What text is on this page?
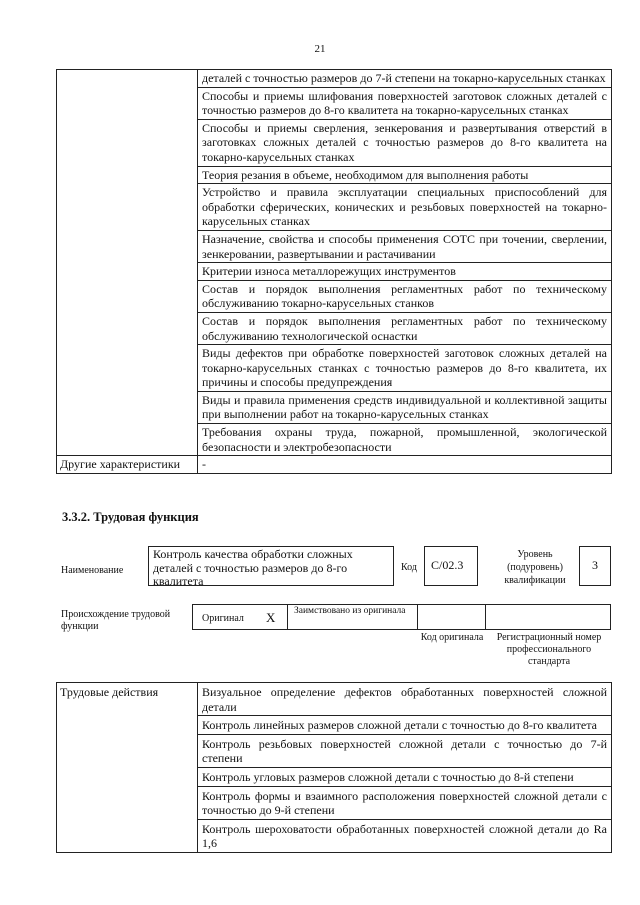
21
	деталей с точностью размеров до 7-й степени на токарно-карусельных станках
	Способы и приемы шлифования поверхностей заготовок сложных деталей с точностью размеров до 8-го квалитета на токарно-карусельных станках
	Способы и приемы сверления, зенкерования и развертывания отверстий в заготовках сложных деталей с точностью размеров до 8-го квалитета на токарно-карусельных станках
	Теория резания в объеме, необходимом для выполнения работы
	Устройство и правила эксплуатации специальных приспособлений для обработки сферических, конических и резьбовых поверхностей на токарно-карусельных станках
	Назначение, свойства и способы применения СОТС при точении, сверлении, зенкеровании, развертывании и растачивании
	Критерии износа металлорежущих инструментов
	Состав и порядок выполнения регламентных работ по техническому обслуживанию токарно-карусельных станков
	Состав и порядок выполнения регламентных работ по техническому обслуживанию технологической оснастки
	Виды дефектов при обработке поверхностей заготовок сложных деталей на токарно-карусельных станках с точностью размеров до 8-го квалитета, их причины и способы предупреждения
	Виды и правила применения средств индивидуальной и коллективной защиты при выполнении работ на токарно-карусельных станках
	Требования охраны труда, пожарной, промышленной, экологической безопасности и электробезопасности
Другие характеристики	-
3.3.2. Трудовая функция
Наименование
Контроль качества обработки сложных деталей с точностью размеров до 8-го квалитета
Код	C/02.3
Уровень (подуровень) квалификации
3
Происхождение трудовой функции
Оригинал X Заимствовано из оригинала
Код оригинала	Регистрационный номер профессионального стандарта
Трудовые действия	Визуальное определение дефектов обработанных поверхностей сложной детали
Контроль линейных размеров сложной детали с точностью до 8-го квалитета
Контроль резьбовых поверхностей сложной детали с точностью до 7-й степени
Контроль угловых размеров сложной детали с точностью до 8-й степени
Контроль формы и взаимного расположения поверхностей сложной детали с точностью до 9-й степени
Контроль шероховатости обработанных поверхностей сложной детали до Ra 1,6
